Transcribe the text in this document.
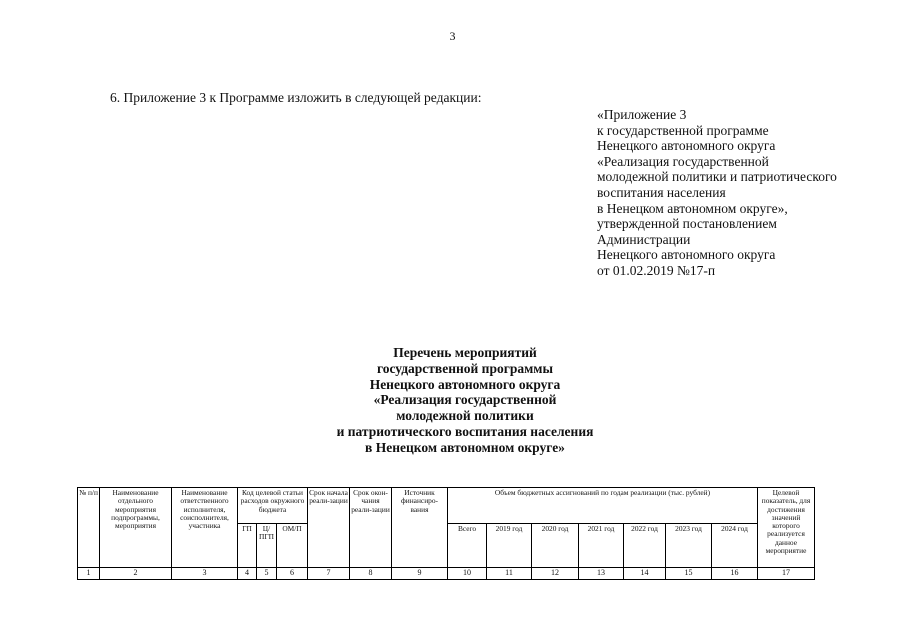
3
6. Приложение 3 к Программе изложить в следующей редакции:
«Приложение 3
к государственной программе
Ненецкого автономного округа
«Реализация государственной
молодежной политики и патриотического
воспитания населения
в Ненецком автономном округе»,
утвержденной постановлением
Администрации
Ненецкого автономного округа
от 01.02.2019 №17-п
Перечень мероприятий
государственной программы
Ненецкого автономного округа
«Реализация государственной
молодежной политики
и патриотического воспитания населения
в Ненецком автономном округе»
№ п/п	Наименование отдельного мероприятия подпрограммы, мероприятия	Наименование ответственного исполнителя, соисполнителя, участника	Код целевой статьи расходов окружного бюджета			Срок начала реали-зации	Срок окон-чания реали-зации	Источник финансиро-вания	Объем бюджетных ассигнований по годам реализации (тыс. рублей)							Целевой показатель, для достижения значений которого реализуется данное мероприятие
			ГП	Ц/ПГП	ОМ/П				Всего	2019 год	2020 год	2021 год	2022 год	2023 год	2024 год	
1	2	3	4	5	6	7	8	9	10	11	12	13	14	15	16	17
